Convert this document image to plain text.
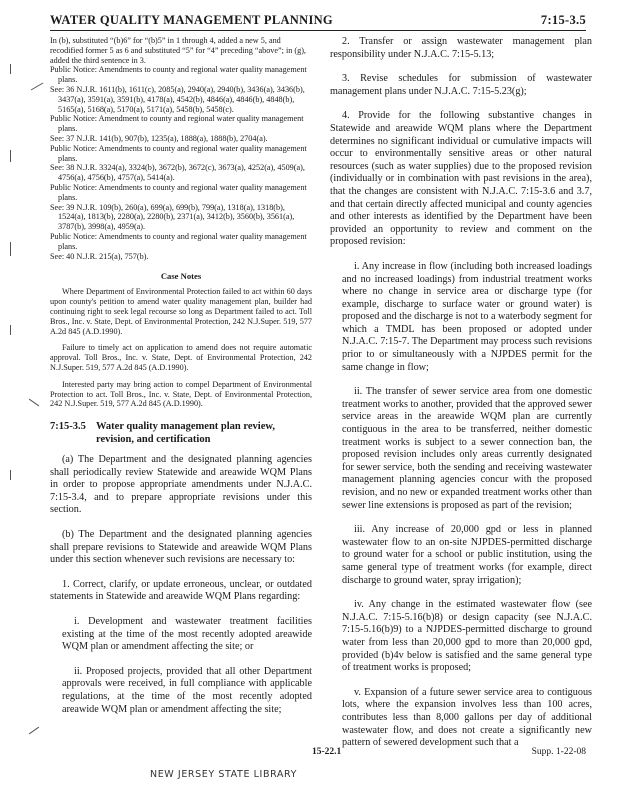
WATER QUALITY MANAGEMENT PLANNING	7:15-3.5

In (b), substituted “(b)6” for “(b)5” in 1 through 4, added a new 5, and recodified former 5 as 6 and substituted “5” for “4” preceding “above”; in (g), added the third sentence in 3.

Public Notice: Amendments to county and regional water quality management plans.

See: 36 N.J.R. 1611(b), 1611(c), 2085(a), 2940(a), 2940(b), 3436(a), 3436(b), 3437(a), 3591(a), 3591(b), 4178(a), 4542(b), 4846(a), 4846(b), 4848(b), 5165(a), 5168(a), 5170(a), 5171(a), 5458(b), 5458(c).

Public Notice: Amendment to county and regional water quality management plans.

See: 37 N.J.R. 141(b), 907(b), 1235(a), 1888(a), 1888(b), 2704(a).

Public Notice: Amendments to county and regional water quality management plans.

See: 38 N.J.R. 3324(a), 3324(b), 3672(b), 3672(c), 3673(a), 4252(a), 4509(a), 4756(a), 4756(b), 4757(a), 5414(a).

Public Notice: Amendments to county and regional water quality management plans.

See: 39 N.J.R. 109(b), 260(a), 699(a), 699(b), 799(a), 1318(a), 1318(b), 1524(a), 1813(b), 2280(a), 2280(b), 2371(a), 3412(b), 3560(b), 3561(a), 3787(b), 3998(a), 4959(a).

Public Notice: Amendments to county and regional water quality management plans.

See: 40 N.J.R. 215(a), 757(b).

Case Notes

Where Department of Environmental Protection failed to act within 60 days upon county's petition to amend water quality management plan, builder had continuing right to seek legal recourse so long as Department failed to act. Toll Bros., Inc. v. State, Dept. of Environmental Protection, 242 N.J.Super. 519, 577 A.2d 845 (A.D.1990).

Failure to timely act on application to amend does not require automatic approval. Toll Bros., Inc. v. State, Dept. of Environmental Protection, 242 N.J.Super. 519, 577 A.2d 845 (A.D.1990).

Interested party may bring action to compel Department of Environmental Protection to act. Toll Bros., Inc. v. State, Dept. of Environmental Protection, 242 N.J.Super. 519, 577 A.2d 845 (A.D.1990).

7:15-3.5 Water quality management plan review,
revision, and certification

(a) The Department and the designated planning agencies shall periodically review Statewide and areawide WQM Plans in order to propose appropriate amendments under N.J.A.C. 7:15-3.4, and to prepare appropriate revisions under this section.

(b) The Department and the designated planning agencies shall prepare revisions to Statewide and areawide WQM Plans under this section whenever such revisions are necessary to:

1. Correct, clarify, or update erroneous, unclear, or outdated statements in Statewide and areawide WQM Plans regarding:

i. Development and wastewater treatment facilities existing at the time of the most recently adopted areawide WQM plan or amendment affecting the site; or

ii. Proposed projects, provided that all other Department approvals were received, in full compliance with applicable regulations, at the time of the most recently adopted areawide WQM plan or amendment affecting the site;

2. Transfer or assign wastewater management plan responsibility under N.J.A.C. 7:15-5.13;

3. Revise schedules for submission of wastewater management plans under N.J.A.C. 7:15-5.23(g);

4. Provide for the following substantive changes in Statewide and areawide WQM plans where the Department determines no significant individual or cumulative impacts will occur to environmentally sensitive areas or other natural resources (such as water supplies) due to the proposed revision (individually or in combination with past revisions in the area), that the changes are consistent with N.J.A.C. 7:15-3.6 and 3.7, and that certain directly affected municipal and county agencies and other interests as identified by the Department have been provided an opportunity to review and comment on the proposed revision:

i. Any increase in flow (including both increased loadings and no increased loadings) from industrial treatment works where no change in service area or discharge type (for example, discharge to surface water or ground water) is proposed and the discharge is not to a waterbody segment for which a TMDL has been proposed or adopted under N.J.A.C. 7:15-7. The Department may process such revisions prior to or simultaneously with a NJPDES permit for the same change in flow;

ii. The transfer of sewer service area from one domestic treatment works to another, provided that the approved sewer service areas in the areawide WQM plan are currently contiguous in the area to be transferred, neither domestic treatment works is subject to a sewer connection ban, the proposed revision includes only areas currently designated for sewer service, both the sending and receiving wastewater management planning agencies concur with the proposed revision, and no new or expanded treatment works other than sewer line extensions is proposed as part of the revision;

iii. Any increase of 20,000 gpd or less in planned wastewater flow to an on-site NJPDES-permitted discharge to ground water for a school or public institution, using the same general type of treatment works (for example, direct discharge to ground water, spray irrigation);

iv. Any change in the estimated wastewater flow (see N.J.A.C. 7:15-5.16(b)8) or design capacity (see N.J.A.C. 7:15-5.16(b)9) to a NJPDES-permitted discharge to ground water from less than 20,000 gpd to more than 20,000 gpd, provided (b)4v below is satisfied and the same general type of treatment works is proposed;

v. Expansion of a future sewer service area to contiguous lots, where the expansion involves less than 100 acres, contributes less than 8,000 gallons per day of additional wastewater flow, and does not create a significantly new pattern of sewered development such that a

15-22.1	Supp. 1-22-08
NEW JERSEY STATE LIBRARY
